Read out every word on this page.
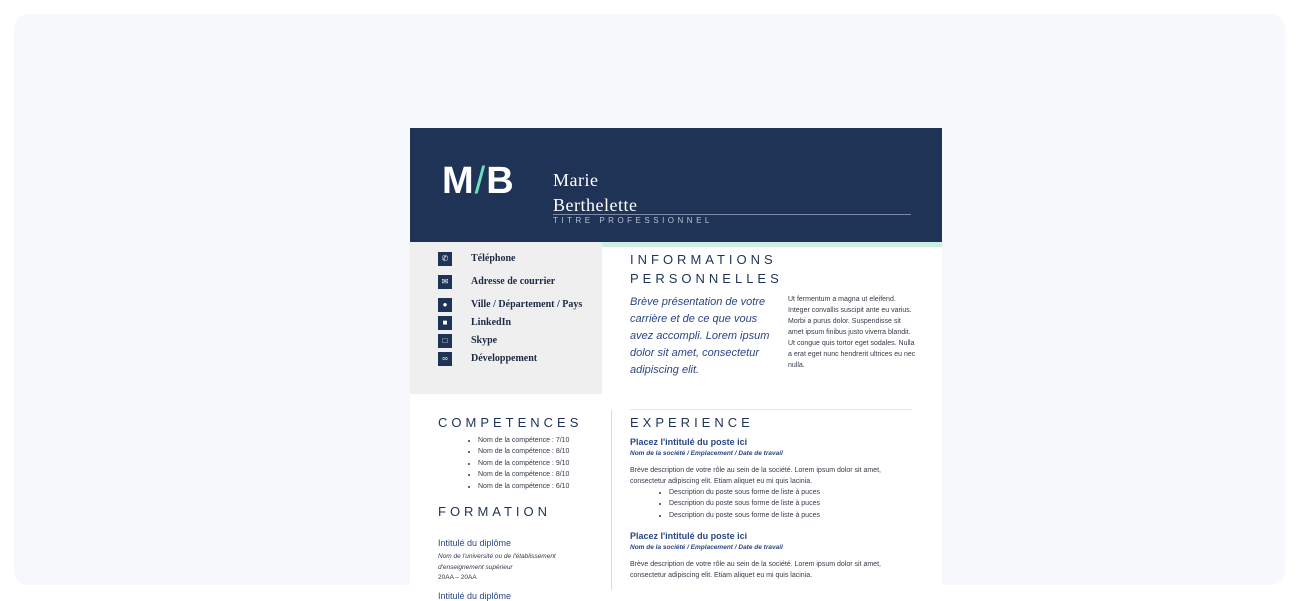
M/B Marie
Berthelette
TITRE PROFESSIONNEL
✆	Téléphone
✉	Adresse de courrier
●	Ville / Département / Pays
■	LinkedIn
□	Skype
∞	Développement
INFORMATIONS
PERSONNELLES
Brève présentation de votre carrière et de ce que vous avez accompli. Lorem ipsum dolor sit amet, consectetur adipiscing elit.
Ut fermentum a magna ut eleifend. Integer convallis suscipit ante eu varius. Morbi a purus dolor. Suspendisse sit amet ipsum finibus justo viverra blandit. Ut congue quis tortor eget sodales. Nulla a erat eget nunc hendrerit ultrices eu nec nulla.
COMPETENCES
• Nom de la compétence : 7/10
• Nom de la compétence : 8/10
• Nom de la compétence : 9/10
• Nom de la compétence : 8/10
• Nom de la compétence : 6/10
FORMATION
Intitulé du diplôme
Nom de l'université ou de l'établissement d'enseignement supérieur
20AA – 20AA
Intitulé du diplôme
EXPERIENCE
Placez l'intitulé du poste ici
Nom de la société / Emplacement / Date de travail
Brève description de votre rôle au sein de la société. Lorem ipsum dolor sit amet, consectetur adipiscing elit. Etiam aliquet eu mi quis lacinia.
• Description du poste sous forme de liste à puces
• Description du poste sous forme de liste à puces
• Description du poste sous forme de liste à puces
Placez l'intitulé du poste ici
Nom de la société / Emplacement / Date de travail
Brève description de votre rôle au sein de la société. Lorem ipsum dolor sit amet, consectetur adipiscing elit. Etiam aliquet eu mi quis lacinia.
